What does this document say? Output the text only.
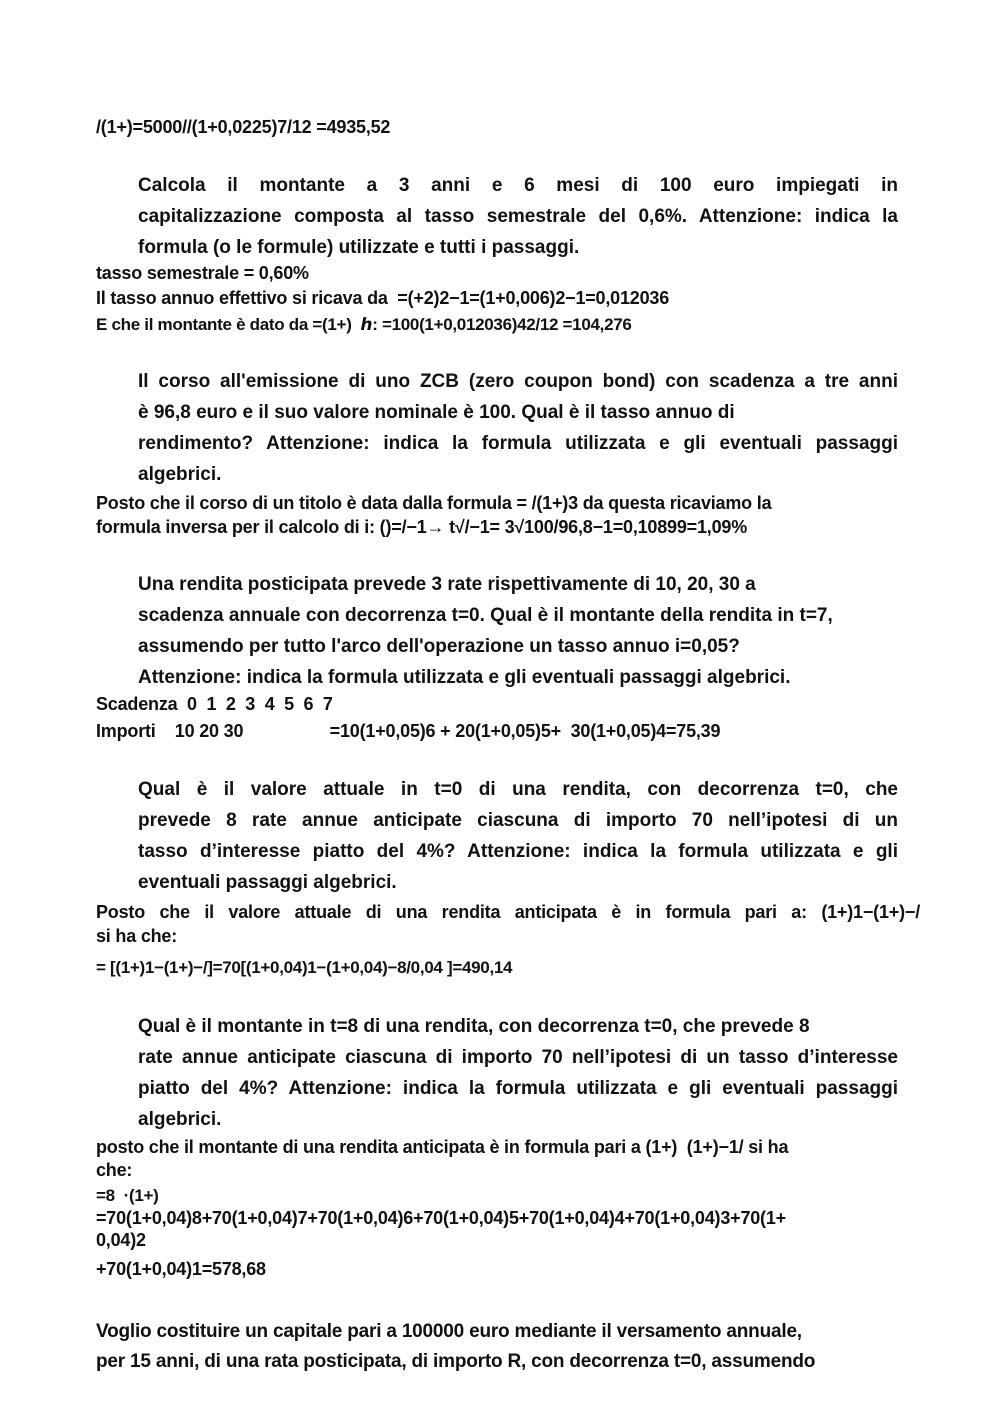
/(1+)=5000//(1+0,0225)7/12 =4935,52
Calcola il montante a 3 anni e 6 mesi di 100 euro impiegati in
capitalizzazione composta al tasso semestrale del 0,6%. Attenzione: indica la
formula (o le formule) utilizzate e tutti i passaggi.
tasso semestrale = 0,60%
Il tasso annuo effettivo si ricava da  =(+2)2−1=(1+0,006)2−1=0,012036
E che il montante è dato da =(1+)  ℎ: =100(1+0,012036)42/12 =104,276
Il corso all'emissione di uno ZCB (zero coupon bond) con scadenza a tre anni
è 96,8 euro e il suo valore nominale è 100. Qual è il tasso annuo di
rendimento? Attenzione: indica la formula utilizzata e gli eventuali passaggi
algebrici.
Posto che il corso di un titolo è data dalla formula = /(1+)3 da questa ricaviamo la
formula inversa per il calcolo di i: ()=/−1→ t√/−1= 3√100/96,8−1=0,10899=1,09%
Una rendita posticipata prevede 3 rate rispettivamente di 10, 20, 30 a
scadenza annuale con decorrenza t=0. Qual è il montante della rendita in t=7,
assumendo per tutto l'arco dell'operazione un tasso annuo i=0,05?
Attenzione: indica la formula utilizzata e gli eventuali passaggi algebrici.
Scadenza  0  1  2  3  4  5  6  7
Importi    10 20 30                  =10(1+0,05)6 + 20(1+0,05)5+  30(1+0,05)4=75,39
Qual è il valore attuale in t=0 di una rendita, con decorrenza t=0, che
prevede 8 rate annue anticipate ciascuna di importo 70 nell’ipotesi di un
tasso d’interesse piatto del 4%? Attenzione: indica la formula utilizzata e gli
eventuali passaggi algebrici.
Posto che il valore attuale di una rendita anticipata è in formula pari a: (1+)1−(1+)−/
si ha che:
= [(1+)1−(1+)−/]=70[(1+0,04)1−(1+0,04)−8/0,04 ]=490,14
Qual è il montante in t=8 di una rendita, con decorrenza t=0, che prevede 8
rate annue anticipate ciascuna di importo 70 nell’ipotesi di un tasso d’interesse
piatto del 4%? Attenzione: indica la formula utilizzata e gli eventuali passaggi
algebrici.
posto che il montante di una rendita anticipata è in formula pari a (1+)  (1+)−1/ si ha
che:
=8  ·(1+)
=70(1+0,04)8+70(1+0,04)7+70(1+0,04)6+70(1+0,04)5+70(1+0,04)4+70(1+0,04)3+70(1+
0,04)2
+70(1+0,04)1=578,68
Voglio costituire un capitale pari a 100000 euro mediante il versamento annuale,
per 15 anni, di una rata posticipata, di importo R, con decorrenza t=0, assumendo
